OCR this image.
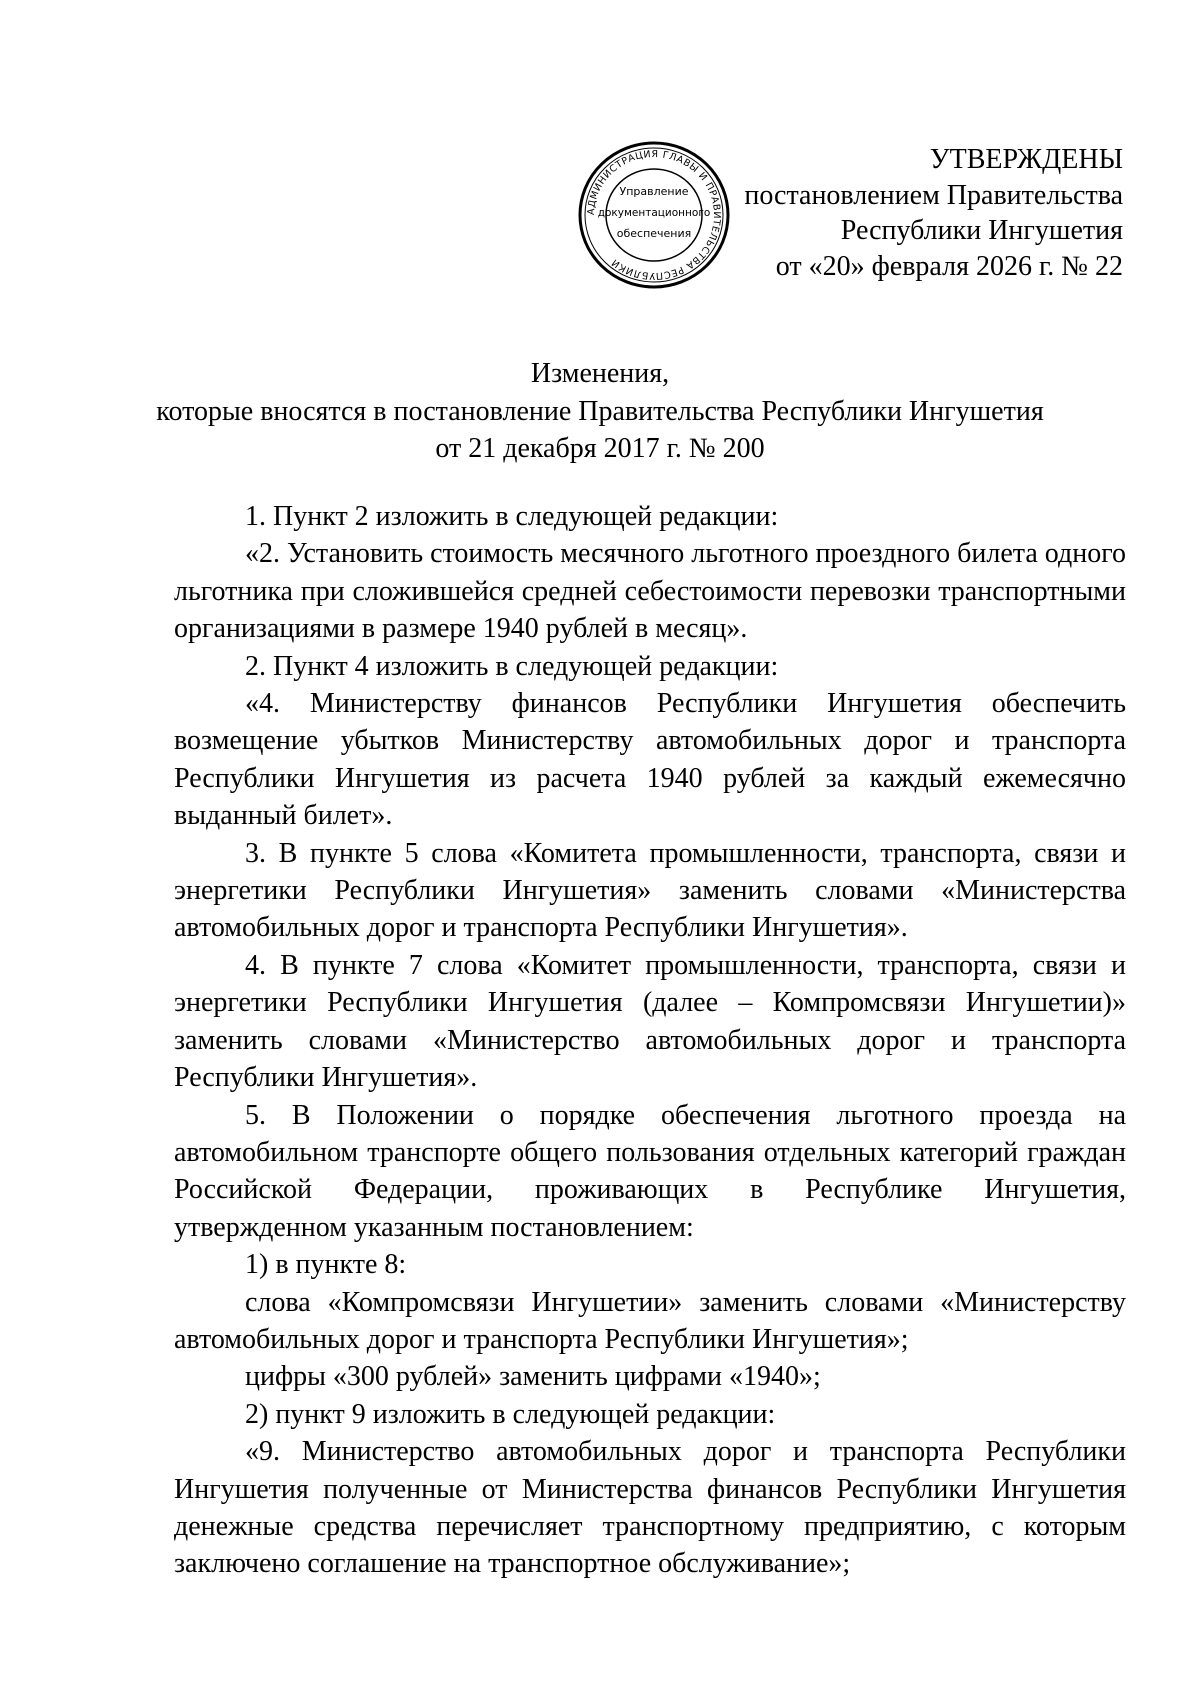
АДМИНИСТРАЦИЯ ГЛАВЫ И ПРАВИТЕЛЬСТВА РЕСПУБЛИКИ
Управление
документационного
обеспечения
УТВЕРЖДЕНЫ
постановлением Правительства
Республики Ингушетия
от «20» февраля 2026 г. № 22
Изменения,
которые вносятся в постановление Правительства Республики Ингушетия
от 21 декабря 2017 г. № 200

1. Пункт 2 изложить в следующей редакции:

«2. Установить стоимость месячного льготного проездного билета одного льготника при сложившейся средней себестоимости перевозки транспортными организациями в размере 1940 рублей в месяц».

2. Пункт 4 изложить в следующей редакции:

«4. Министерству финансов Республики Ингушетия обеспечить возмещение убытков Министерству автомобильных дорог и транспорта Республики Ингушетия из расчета 1940 рублей за каждый ежемесячно выданный билет».

3. В пункте 5 слова «Комитета промышленности, транспорта, связи и энергетики Республики Ингушетия» заменить словами «Министерства автомобильных дорог и транспорта Республики Ингушетия».

4. В пункте 7 слова «Комитет промышленности, транспорта, связи и энергетики Республики Ингушетия (далее – Компромсвязи Ингушетии)» заменить словами «Министерство автомобильных дорог и транспорта Республики Ингушетия».

5. В Положении о порядке обеспечения льготного проезда на автомобильном транспорте общего пользования отдельных категорий граждан Российской Федерации, проживающих в Республике Ингушетия, утвержденном указанным постановлением:

1) в пункте 8:

слова «Компромсвязи Ингушетии» заменить словами «Министерству автомобильных дорог и транспорта Республики Ингушетия»;

цифры «300 рублей» заменить цифрами «1940»;

2) пункт 9 изложить в следующей редакции:

«9. Министерство автомобильных дорог и транспорта Республики Ингушетия полученные от Министерства финансов Республики Ингушетия денежные средства перечисляет транспортному предприятию, с которым заключено соглашение на транспортное обслуживание»;
